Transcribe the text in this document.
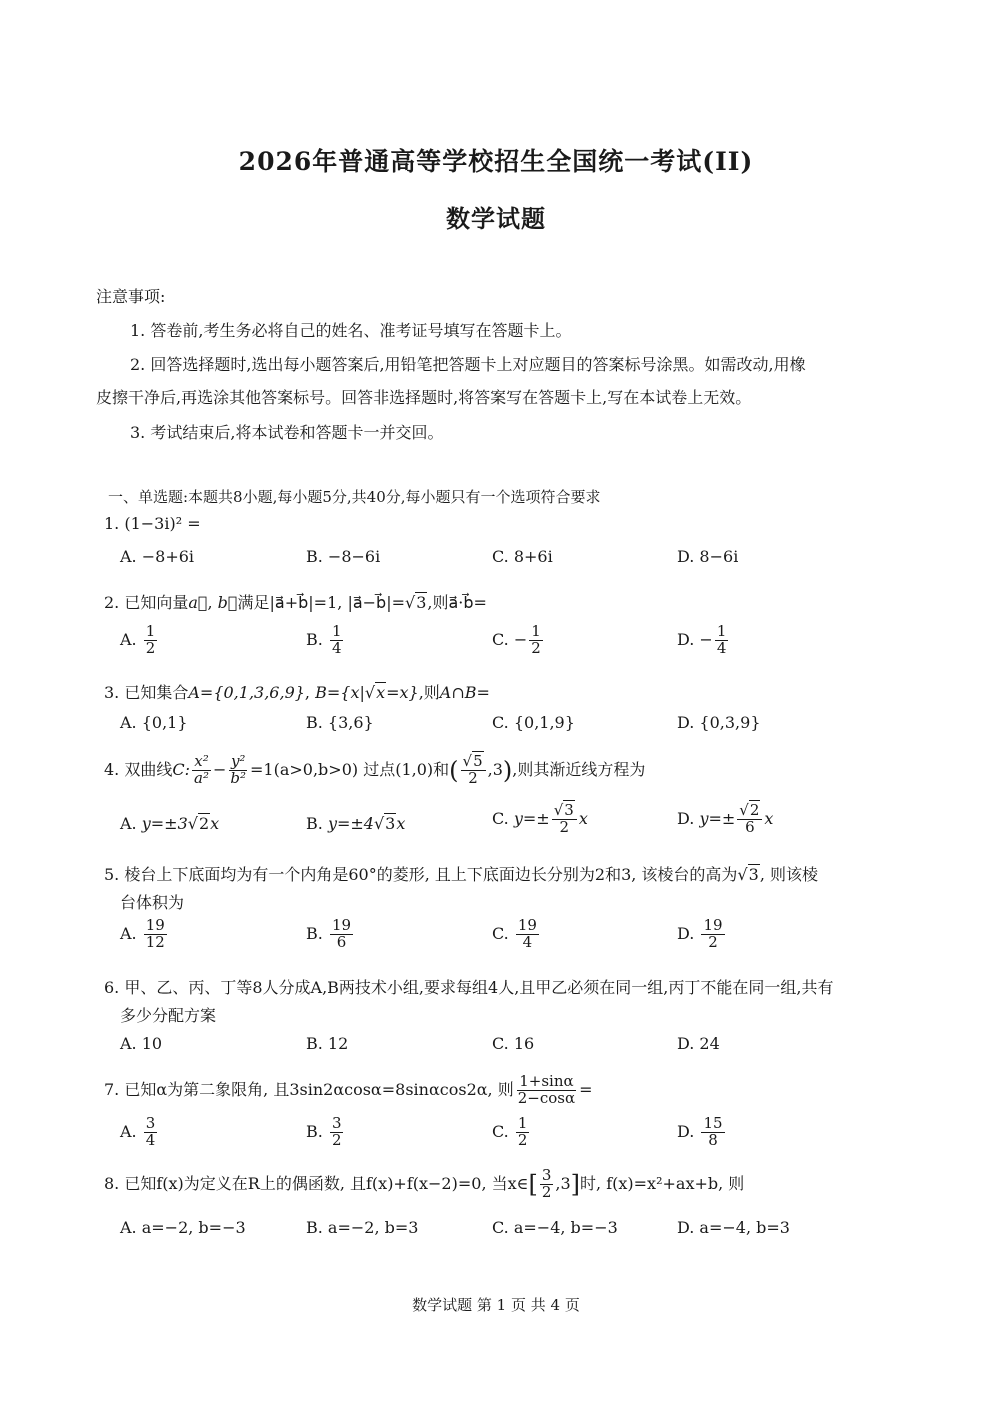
2026年普通高等学校招生全国统一考试(II)
数学试题
注意事项:
1. 答卷前,考生务必将自己的姓名、准考证号填写在答题卡上。
2. 回答选择题时,选出每小题答案后,用铅笔把答题卡上对应题目的答案标号涂黑。如需改动,用橡
皮擦干净后,再选涂其他答案标号。回答非选择题时,将答案写在答题卡上,写在本试卷上无效。
3. 考试结束后,将本试卷和答题卡一并交回。
一、单选题:本题共8小题,每小题5分,共40分,每小题只有一个选项符合要求
1. (1−3i)² =
A. −8+6i	B. −8−6i	C. 8+6i	D. 8−6i
2. 已知向量a⃗, b⃗满足|a⃗+b⃗|=1, |a⃗−b⃗|=√3,则a⃗·b⃗=
A. $\frac{1}{2}$	B. $\frac{1}{4}$	C. − $\frac{1}{2}$	D. − $\frac{1}{4}$
3. 已知集合A={0,1,3,6,9}, B={x|√x=x},则A∩B=
A. {0,1}	B. {3,6}	C. {0,1,9}	D. {0,3,9}
4. 双曲线C: $\frac{\text{x²}}{\text{a²}} - \frac{\text{y²}}{\text{b²}} =1(a>0,b>0)$ 过点(1,0)和( $\frac{√5}{2} ,3$),则其渐近线方程为
A. y=±3√2x	B. y=±4√3x	C. $y=\pm \frac{√3}{2}$ x	D. $y=\pm \frac{√2}{6}$ x
5. 棱台上下底面均为有一个内角是60°的菱形, 且上下底面边长分别为2和3, 该棱台的高为√3, 则该棱
台体积为
A. $\frac{19}{12}$	B. $\frac{19}{6}$	C. $\frac{19}{4}$	D. $\frac{19}{2}$
6. 甲、乙、丙、丁等8人分成A,B两技术小组,要求每组4人,且甲乙必须在同一组,丙丁不能在同一组,共有
多少分配方案
A. 10	B. 12	C. 16	D. 24
7. 已知α为第二象限角, 且3sin2αcosα=8sinαcos2α, 则 $\frac{1+\sin\alpha}{2-\cos\alpha}$ =
A. $\frac{3}{4}$	B. $\frac{3}{2}$	C. $\frac{1}{2}$	D. $\frac{15}{8}$
8. 已知f(x)为定义在R上的偶函数, 且f(x)+f(x−2)=0, 当x∈[ $\frac{3}{2} ,3$]时, f(x)=x²+ax+b, 则
A. a=−2, b=−3	B. a=−2, b=3	C. a=−4, b=−3	D. a=−4, b=3
数学试题 第 1 页 共 4 页
